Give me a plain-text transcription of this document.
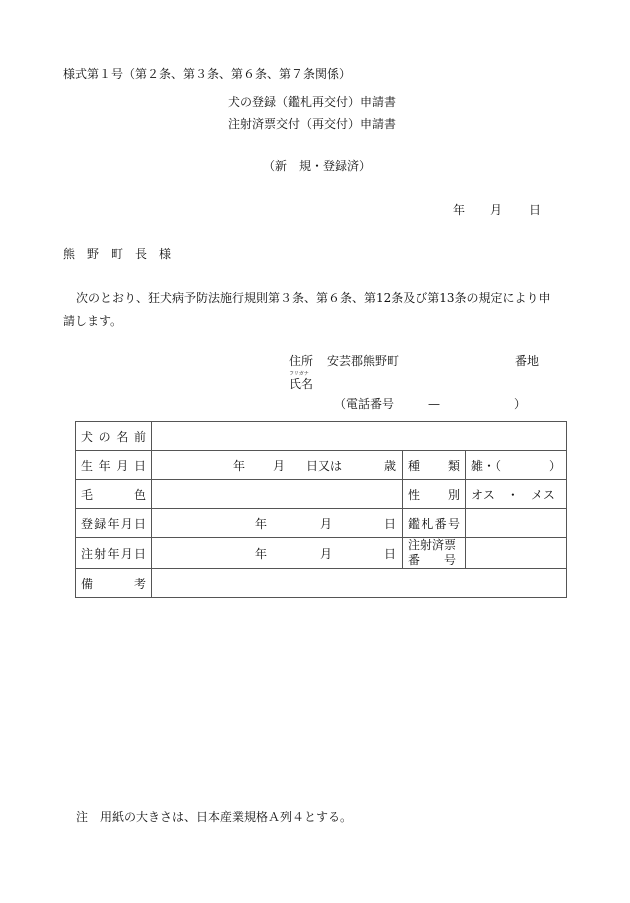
様式第１号（第２条、第３条、第６条、第７条関係）
犬の登録（鑑札再交付）申請書
注射済票交付（再交付）申請書
（新　規・登録済）
年 月 日
熊　野　町　長　様
次のとおり、狂犬病予防法施行規則第３条、第６条、第12条及び第13条の規定により申
請します。
住所 安芸郡熊野町	番地
フリガナ
氏名
（電話番号	—	）
犬の名前			
生年月日	年 月 日又は 歳	種類	雑・（　　　　）
毛色		性別	オス　・　メス
登録年月日	年 月 日	鑑札番号	
注射年月日	年 月 日	注射済票
番　　号	

備考			
注　用紙の大きさは、日本産業規格Ａ列４とする。
